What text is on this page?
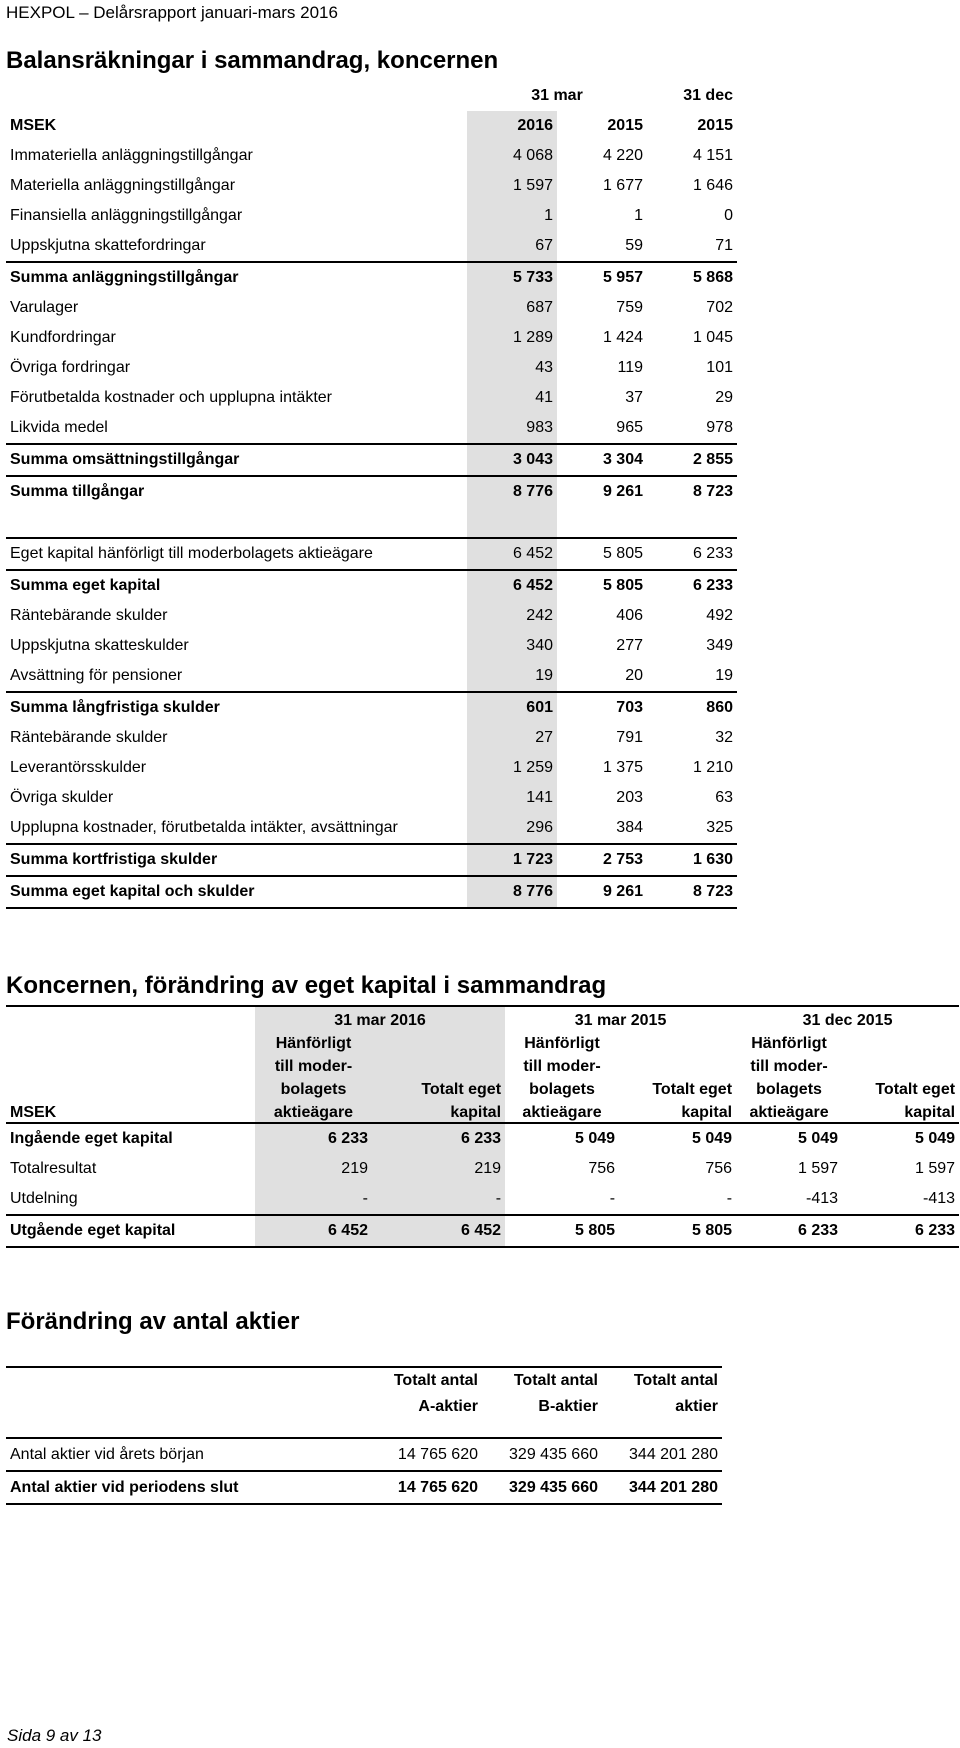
HEXPOL – Delårsrapport januari-mars 2016
Balansräkningar i sammandrag, koncernen
	31 mar		31 dec
MSEK	2016	2015	2015
Immateriella anläggningstillgångar	4 068	4 220	4 151
Materiella anläggningstillgångar	1 597	1 677	1 646
Finansiella anläggningstillgångar	1	1	0
Uppskjutna skattefordringar	67	59	71
Summa anläggningstillgångar	5 733	5 957	5 868
Varulager	687	759	702
Kundfordringar	1 289	1 424	1 045
Övriga fordringar	43	119	101
Förutbetalda kostnader och upplupna intäkter	41	37	29
Likvida medel	983	965	978
Summa omsättningstillgångar	3 043	3 304	2 855
Summa tillgångar	8 776	9 261	8 723

Eget kapital hänförligt till moderbolagets aktieägare	6 452	5 805	6 233
Summa eget kapital	6 452	5 805	6 233
Räntebärande skulder	242	406	492
Uppskjutna skatteskulder	340	277	349
Avsättning för pensioner	19	20	19
Summa långfristiga skulder	601	703	860
Räntebärande skulder	27	791	32
Leverantörsskulder	1 259	1 375	1 210
Övriga skulder	141	203	63
Upplupna kostnader, förutbetalda intäkter, avsättningar	296	384	325
Summa kortfristiga skulder	1 723	2 753	1 630
Summa eget kapital och skulder	8 776	9 261	8 723
Koncernen, förändring av eget kapital i sammandrag
	31 mar 2016		31 mar 2015		31 dec 2015	
	Hänförligt		Hänförligt		Hänförligt	
	till moder-		till moder-		till moder-	
	bolagets	Totalt eget	bolagets	Totalt eget	bolagets	Totalt eget
MSEK	aktieägare	kapital	aktieägare	kapital	aktieägare	kapital
Ingående eget kapital	6 233	6 233	5 049	5 049	5 049	5 049
Totalresultat	219	219	756	756	1 597	1 597
Utdelning	-	-	-	-	-413	-413
Utgående eget kapital	6 452	6 452	5 805	5 805	6 233	6 233
Förändring av antal aktier
	Totalt antal	Totalt antal	Totalt antal
	A-aktier	B-aktier	aktier

Antal aktier vid årets början	14 765 620	329 435 660	344 201 280
Antal aktier vid periodens slut	14 765 620	329 435 660	344 201 280
Sida 9 av 13
